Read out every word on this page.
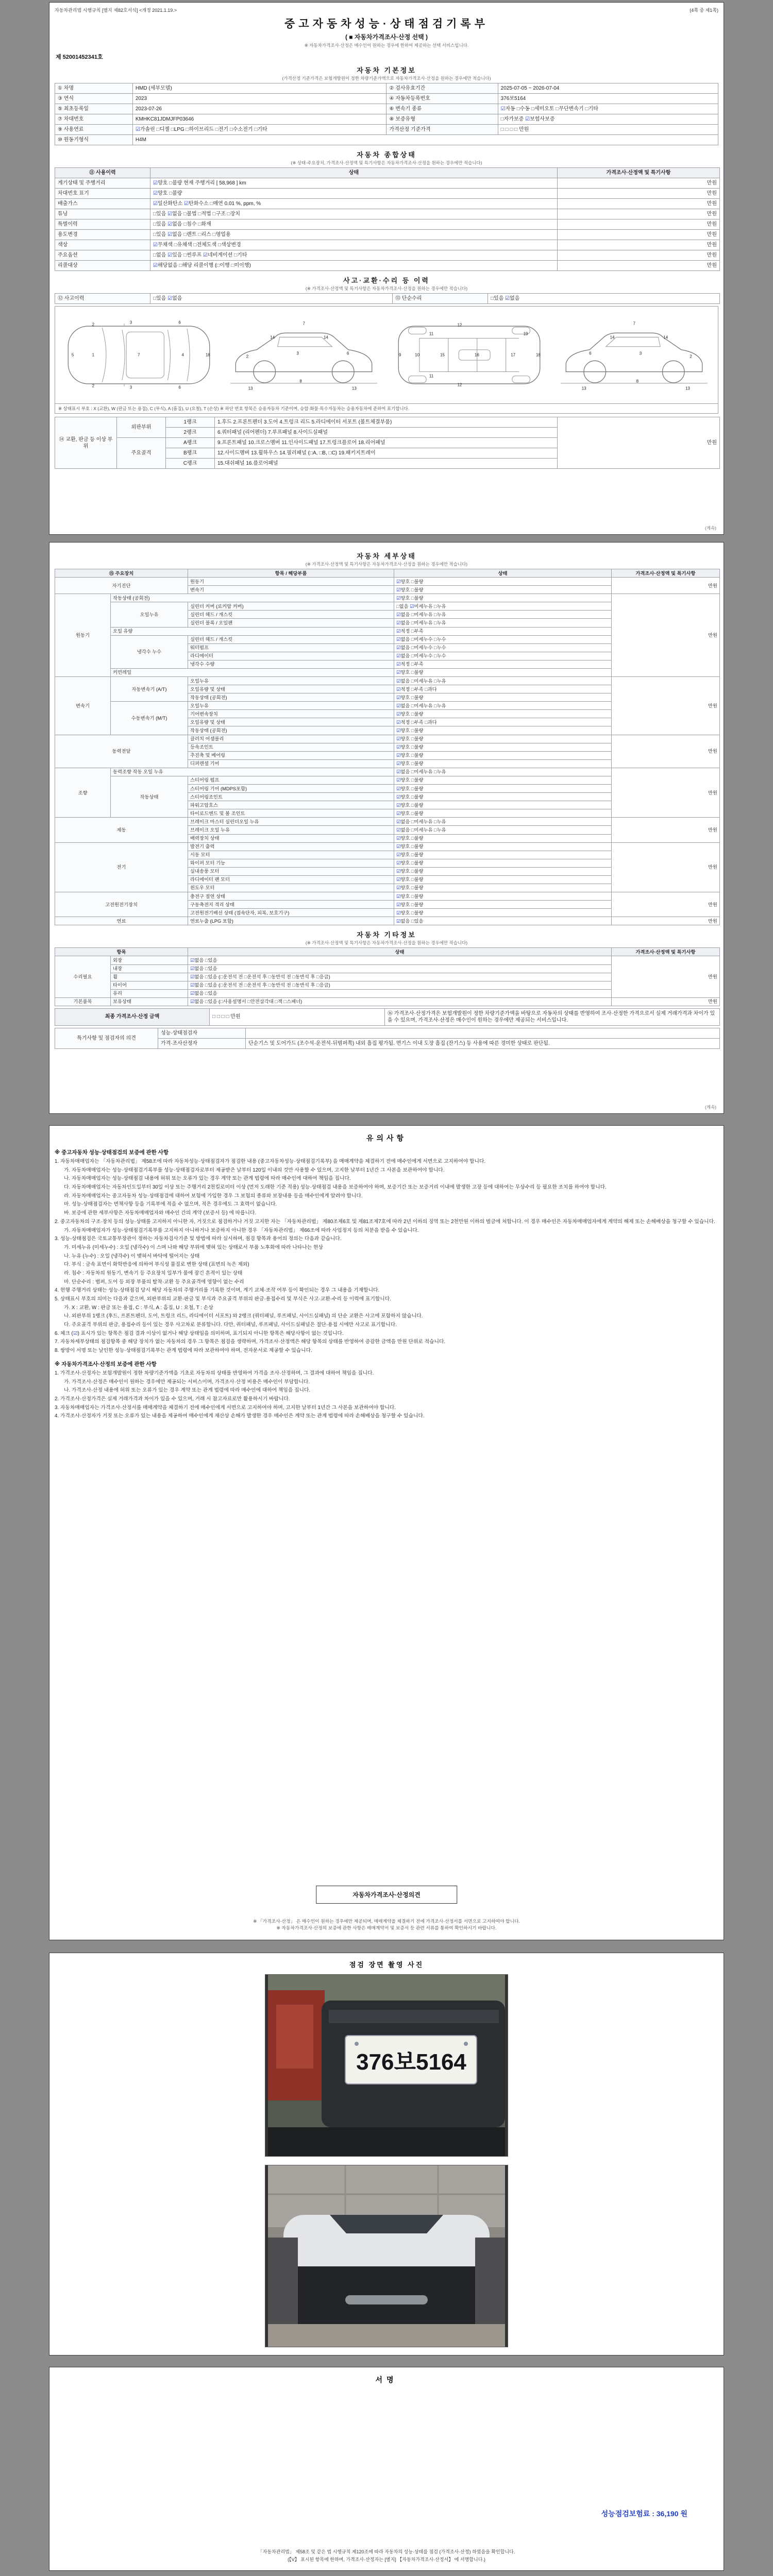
자동차관리법 시행규칙 [별지 제82호서식] <개정 2021.1.19.>	(4쪽 중 제1쪽)
중고자동차성능·상태점검기록부
( ■ 자동차가격조사·산정 선택 )
※ 자동차가격조사·산정은 매수인이 원하는 경우에 한하여 제공하는 선택 서비스입니다.
제 52001452341호
자동차 기본정보
(가격산정 기준가격은 보험개발원이 정한 차량기준가액으로 자동차가격조사·산정을 원하는 경우에만 적습니다)
① 차명	HMD (세부모델)	② 검사유효기간	2025-07-05 ~ 2026-07-04
③ 연식	2023	④ 자동차등록번호	376보5164
⑤ 최초등록일	2023-07-26	⑥ 변속기 종류	☑자동 □수동 □세미오토 □무단변속기 □기타
⑦ 차대번호	KMHKC81JDMJFP03646	⑧ 보증유형	□자가보증 ☑보험사보증
⑨ 사용연료	☑가솔린 □디젤 □LPG □하이브리드 □전기 □수소전기 □기타	가격산정 기준가격	□ □ □ □ 만원
⑩ 원동기형식	H4M		
자동차 종합상태
(※ 상태·주요장치, 가격조사·산정액 및 특기사항은 자동차가격조사·산정을 원하는 경우에만 적습니다)
⑪ 사용이력	상태	가격조사·산정액 및 특기사항
계기상태 및 주행거리	☑양호 □불량 현재 주행거리 [ 58,968 ] km	만원
차대번호 표기	☑양호 □불량	만원
배출가스	☑일산화탄소 ☑탄화수소 □매연 0.01 %, ppm, %	만원
튜닝	□있음 ☑없음 □불법 □적법 □구조 □장치	만원
특별이력	□있음 ☑없음 □침수 □화재	만원
용도변경	□있음 ☑없음 □렌트 □리스 □영업용	만원
색상	☑무채색 □유채색 □전체도색 □색상변경	만원
주요옵션	□없음 ☑있음 □썬루프 ☑네비게이션 □기타	만원
리콜대상	☑해당없음 □해당 리콜이행 (□이행 □미이행)	만원
사고·교환·수리 등 이력
(※ 가격조사·산정액 및 특기사항은 자동차가격조사·산정을 원하는 경우에만 적습니다)
⑫ 사고이력	□있음 ☑없음	⑬ 단순수리	□있음 ☑없음
5	1	7	4	18
2
2
3
3
6
6
2
3	6
7
8
13	13
14	14
9	10
11
11
12
12
15	16	17	18
19
2
3
6
7
8
13	13
14	14
※ 상태표시 부호 : X (교환), W (판금 또는 용접), C (부식), A (흠집), U (요철), T (손상) ※ 하단 번호 항목은 승용자동차 기준이며, 승합·화물·특수자동차는 승용자동차에 준하여 표기합니다.
⑭ 교환, 판금 등 이상 부위	외판부위	1랭크	1.후드 2.프론트펜더 3.도어 4.트렁크 리드 5.라디에이터 서포트 (볼트체결부품)	만원
		2랭크	6.쿼터패널 (리어펜더) 7.루프패널 8.사이드실패널	
	주요골격	A랭크	9.프론트패널 10.크로스멤버 11.인사이드패널 17.트렁크플로어 18.리어패널	
		B랭크	12.사이드멤버 13.휠하우스 14.필러패널 (□A, □B, □C) 19.패키지트레이	
		C랭크	15.대쉬패널 16.플로어패널	
(계속)
자동차 세부상태
(※ 가격조사·산정액 및 특기사항은 자동차가격조사·산정을 원하는 경우에만 적습니다)
⑮ 주요장치		항목 / 해당부품	상태	가격조사·산정액 및 특기사항
자기진단		원동기	☑양호 □불량	만원
		변속기	☑양호 □불량	
원동기	작동상태 (공회전)		☑양호 □불량	만원
	오일누유	실린더 커버 (로커암 커버)	□없음 ☑미세누유 □누유	
		실린더 헤드 / 개스킷	☑없음 □미세누유 □누유	
		실린더 블록 / 오일팬	☑없음 □미세누유 □누유	
	오일 유량		☑적정 □부족	
	냉각수 누수	실린더 헤드 / 개스킷	☑없음 □미세누수 □누수	
		워터펌프	☑없음 □미세누수 □누수	
		라디에이터	☑없음 □미세누수 □누수	
		냉각수 수량	☑적정 □부족	
	커먼레일		☑양호 □불량	
변속기	자동변속기 (A/T)	오일누유	☑없음 □미세누유 □누유	만원
		오일유량 및 상태	☑적정 □부족 □과다	
		작동상태 (공회전)	☑양호 □불량	
	수동변속기 (M/T)	오일누유	☑없음 □미세누유 □누유	
		기어변속장치	☑양호 □불량	
		오일유량 및 상태	☑적정 □부족 □과다	
		작동상태 (공회전)	☑양호 □불량	
동력전달		클러치 어셈블리	☑양호 □불량	만원
		등속조인트	☑양호 □불량	
		추진축 및 베어링	☑양호 □불량	
		디퍼렌셜 기어	☑양호 □불량	
조향	동력조향 작동 오일 누유		☑없음 □미세누유 □누유	만원
	작동상태	스티어링 펌프	☑양호 □불량	
		스티어링 기어 (MDPS포함)	☑양호 □불량	
		스티어링조인트	☑양호 □불량	
		파워고압호스	☑양호 □불량	
		타이로드엔드 및 볼 조인트	☑양호 □불량	
제동		브레이크 마스터 실린더오일 누유	☑없음 □미세누유 □누유	만원
		브레이크 오일 누유	☑없음 □미세누유 □누유	
		배력장치 상태	☑양호 □불량	
전기		발전기 출력	☑양호 □불량	만원
		시동 모터	☑양호 □불량	
		와이퍼 모터 기능	☑양호 □불량	
		실내송풍 모터	☑양호 □불량	
		라디에이터 팬 모터	☑양호 □불량	
		윈도우 모터	☑양호 □불량	
고전원전기장치		충전구 절연 상태	☑양호 □불량	만원
		구동축전지 격리 상태	☑양호 □불량	
		고전원전기배선 상태 (접속단자, 피복, 보호기구)	☑양호 □불량	
연료		연료누출 (LPG 포함)	☑없음 □있음	만원
자동차 기타정보
(※ 가격조사·산정액 및 특기사항은 자동차가격조사·산정을 원하는 경우에만 적습니다)
항목		상태	가격조사·산정액 및 특기사항
수리필요	외장	☑없음 □있음	만원
	내장	☑없음 □있음	
	휠	☑없음 □있음 (□운전석 전 □운전석 후 □동반석 전 □동반석 후 □응급)	
	타이어	☑없음 □있음 (□운전석 전 □운전석 후 □동반석 전 □동반석 후 □응급)	
	유리	☑없음 □있음	
기본품목	보유상태	☑없음 □있음 (□사용설명서 □안전삼각대 □잭 □스패너)	만원
최종 가격조사·산정 금액	□ □ □ □ 만원	⑯ 가격조사·산정가격은 보험개발원이 정한 차량기준가액을 바탕으로 자동차의 상태를 반영하여 조사·산정한 가격으로서 실제 거래가격과 차이가 있을 수 있으며, 가격조사·산정은 매수인이 원하는 경우에만 제공되는 서비스입니다.
특기사항 및 점검자의 의견	성능·상태점검자	
	가격·조사산정자	단순기스 및 도어가드 (조수석·운전석·뒤범퍼쪽) 내외 흠집 평가됨. 면기스 이내 도장 흠집 (잔기스) 등 사용에 따른 경미한 상태로 판단됨.
(계속)
유의사항
※ 중고자동차 성능·상태점검의 보증에 관한 사항
1. 자동차매매업자는 「자동차관리법」 제58조에 따라 자동차성능·상태점검자가 점검한 내용 (중고자동차성능·상태점검기록부) 을 매매계약을 체결하기 전에 매수인에게 서면으로 고지하여야 합니다.
가. 자동차매매업자는 성능·상태점검기록부를 성능·상태점검자로부터 제공받은 날부터 120일 이내의 것만 사용할 수 있으며, 고지한 날부터 1년간 그 사본을 보관하여야 합니다.
나. 자동차매매업자는 성능·상태점검 내용에 허위 또는 오류가 있는 경우 계약 또는 관계 법령에 따라 매수인에 대하여 책임을 집니다.
다. 자동차매매업자는 자동차인도일부터 30일 이상 또는 주행거리 2천킬로미터 이상 (먼저 도래한 기준 적용) 성능·상태점검 내용을 보증하여야 하며, 보증기간 또는 보증거리 이내에 발생한 고장 등에 대하여는 무상수리 등 필요한 조치를 하여야 합니다.
라. 자동차매매업자는 중고자동차 성능·상태점검에 대하여 보험에 가입한 경우 그 보험의 종류와 보장내용 등을 매수인에게 알려야 합니다.
마. 성능·상태점검자는 면책사항 등을 기록부에 적을 수 없으며, 적은 경우에도 그 효력이 없습니다.
바. 보증에 관한 세부사항은 자동차매매업자와 매수인 간의 계약 (보증서 등) 에 따릅니다.
2. 중고자동차의 구조·장치 등의 성능·상태를 고지하지 아니한 자, 거짓으로 점검하거나 거짓 고지한 자는 「자동차관리법」 제80조제6호 및 제81조제7호에 따라 2년 이하의 징역 또는 2천만원 이하의 벌금에 처합니다. 이 경우 매수인은 자동차매매업자에게 계약의 해제 또는 손해배상을 청구할 수 있습니다.
가. 자동차매매업자가 성능·상태점검기록부를 고지하지 아니하거나 보증하지 아니한 경우 「자동차관리법」 제66조에 따라 사업정지 등의 처분을 받을 수 있습니다.
3. 성능·상태점검은 국토교통부장관이 정하는 자동차검사기준 및 방법에 따라 실시하며, 점검 항목과 용어의 정의는 다음과 같습니다.
가. 미세누유 (미세누수) : 오일 (냉각수) 이 스며 나와 해당 부위에 맺혀 있는 상태로서 부품 노후화에 따라 나타나는 현상
나. 누유 (누수) : 오일 (냉각수) 이 맺혀서 바닥에 떨어지는 상태
다. 부식 : 금속 표면이 화학반응에 의하여 부식성 물질로 변한 상태 (표면의 녹은 제외)
라. 침수 : 자동차의 원동기, 변속기 등 주요장치 일부가 물에 잠긴 흔적이 있는 상태
마. 단순수리 : 범퍼, 도어 등 외장 부품의 탈착·교환 등 주요골격에 영향이 없는 수리
4. 현행 주행거리 상태는 성능·상태점검 당시 해당 자동차의 주행거리를 기록한 것이며, 계기 교체·조작 여부 등이 확인되는 경우 그 내용을 기재합니다.
5. 상태표시 부호의 의미는 다음과 같으며, 외판부위의 교환·판금 및 부식과 주요골격 부위의 판금·용접수리 및 부식은 사고·교환·수리 등 이력에 표기합니다.
가. X : 교환, W : 판금 또는 용접, C : 부식, A : 흠집, U : 요철, T : 손상
나. 외판부위 1랭크 (후드, 프론트펜더, 도어, 트렁크 리드, 라디에이터 서포트) 와 2랭크 (쿼터패널, 루프패널, 사이드실패널) 의 단순 교환은 사고에 포함하지 않습니다.
다. 주요골격 부위의 판금, 용접수리 등이 있는 경우 사고차로 분류합니다. 다만, 쿼터패널, 루프패널, 사이드실패널은 절단·용접 시에만 사고로 표기합니다.
6. 체크 (☑) 표시가 있는 항목은 점검 결과 이상이 없거나 해당 상태임을 의미하며, 표기되지 아니한 항목은 해당사항이 없는 것입니다.
7. 자동차세부상태의 점검항목 중 해당 장치가 없는 자동차의 경우 그 항목은 점검을 생략하며, 가격조사·산정액은 해당 항목의 상태를 반영하여 증감한 금액을 만원 단위로 적습니다.
8. 쌍방이 서명 또는 날인한 성능·상태점검기록부는 관계 법령에 따라 보관하여야 하며, 전자문서로 제공할 수 있습니다.
※ 자동차가격조사·산정의 보증에 관한 사항
1. 가격조사·산정자는 보험개발원이 정한 차량기준가액을 기초로 자동차의 상태를 반영하여 가격을 조사·산정하며, 그 결과에 대하여 책임을 집니다.
가. 가격조사·산정은 매수인이 원하는 경우에만 제공되는 서비스이며, 가격조사·산정 비용은 매수인이 부담합니다.
나. 가격조사·산정 내용에 허위 또는 오류가 있는 경우 계약 또는 관계 법령에 따라 매수인에 대하여 책임을 집니다.
2. 가격조사·산정가격은 실제 거래가격과 차이가 있을 수 있으며, 거래 시 참고자료로만 활용하시기 바랍니다.
3. 자동차매매업자는 가격조사·산정서를 매매계약을 체결하기 전에 매수인에게 서면으로 고지하여야 하며, 고지한 날부터 1년간 그 사본을 보관하여야 합니다.
4. 가격조사·산정자가 거짓 또는 오류가 있는 내용을 제공하여 매수인에게 재산상 손해가 발생한 경우 매수인은 계약 또는 관계 법령에 따라 손해배상을 청구할 수 있습니다.
자동차가격조사·산정의견
※ 「가격조사·산정」 은 매수인이 원하는 경우에만 제공되며, 매매계약을 체결하기 전에 가격조사·산정서를 서면으로 고지하여야 합니다.
※ 자동차가격조사·산정의 보증에 관한 사항은 매매계약서 및 보증서 등 관련 서류를 통하여 확인하시기 바랍니다.
점검 장면 촬영 사진
376보5164
서명
성능점검보험료 : 36,190 원
「자동차관리법」 제58조 및 같은 법 시행규칙 제120조에 따라 자동차의 성능·상태를 점검 (가격조사·산정) 하였음을 확인합니다.
(【V】 표시된 항목에 한하며, 가격조사·산정자는 [별지] 【자동차가격조사·산정서】 에 서명합니다.)
